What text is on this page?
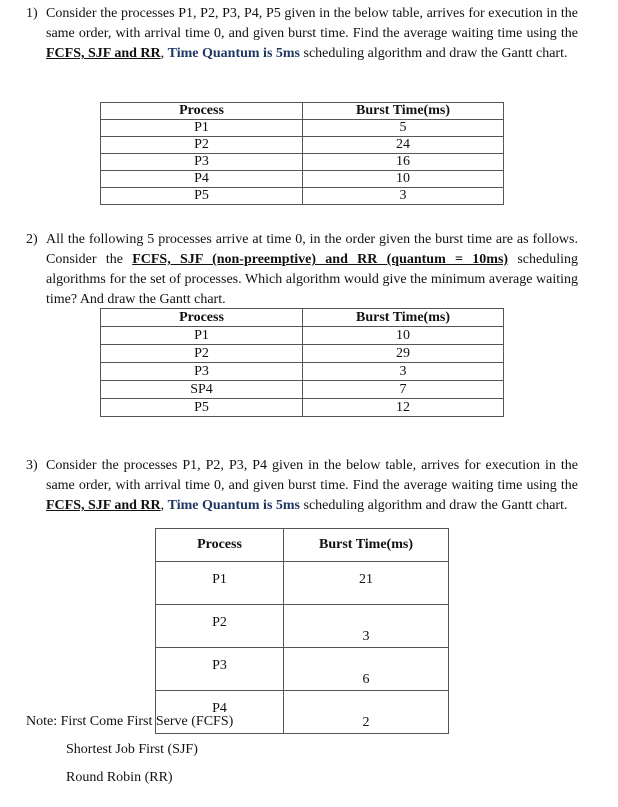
1) Consider the processes P1, P2, P3, P4, P5 given in the below table, arrives for execution in the same order, with arrival time 0, and given burst time. Find the average waiting time using the FCFS, SJF and RR, Time Quantum is 5ms scheduling algorithm and draw the Gantt chart.

Process	Burst Time(ms)
P1	5
P2	24
P3	16
P4	10
P5	3
2) All the following 5 processes arrive at time 0, in the order given the burst time are as follows. Consider the FCFS, SJF (non-preemptive) and RR (quantum = 10ms) scheduling algorithms for the set of processes. Which algorithm would give the minimum average waiting time? And draw the Gantt chart.

Process	Burst Time(ms)
P1	10
P2	29
P3	3
SP4	7
P5	12
3) Consider the processes P1, P2, P3, P4 given in the below table, arrives for execution in the same order, with arrival time 0, and given burst time. Find the average waiting time using the FCFS, SJF and RR, Time Quantum is 5ms scheduling algorithm and draw the Gantt chart.

Process	Burst Time(ms)
P1	21
P2	3
P3	6
P4	2
Note: First Come First Serve (FCFS)
Shortest Job First (SJF)
Round Robin (RR)
